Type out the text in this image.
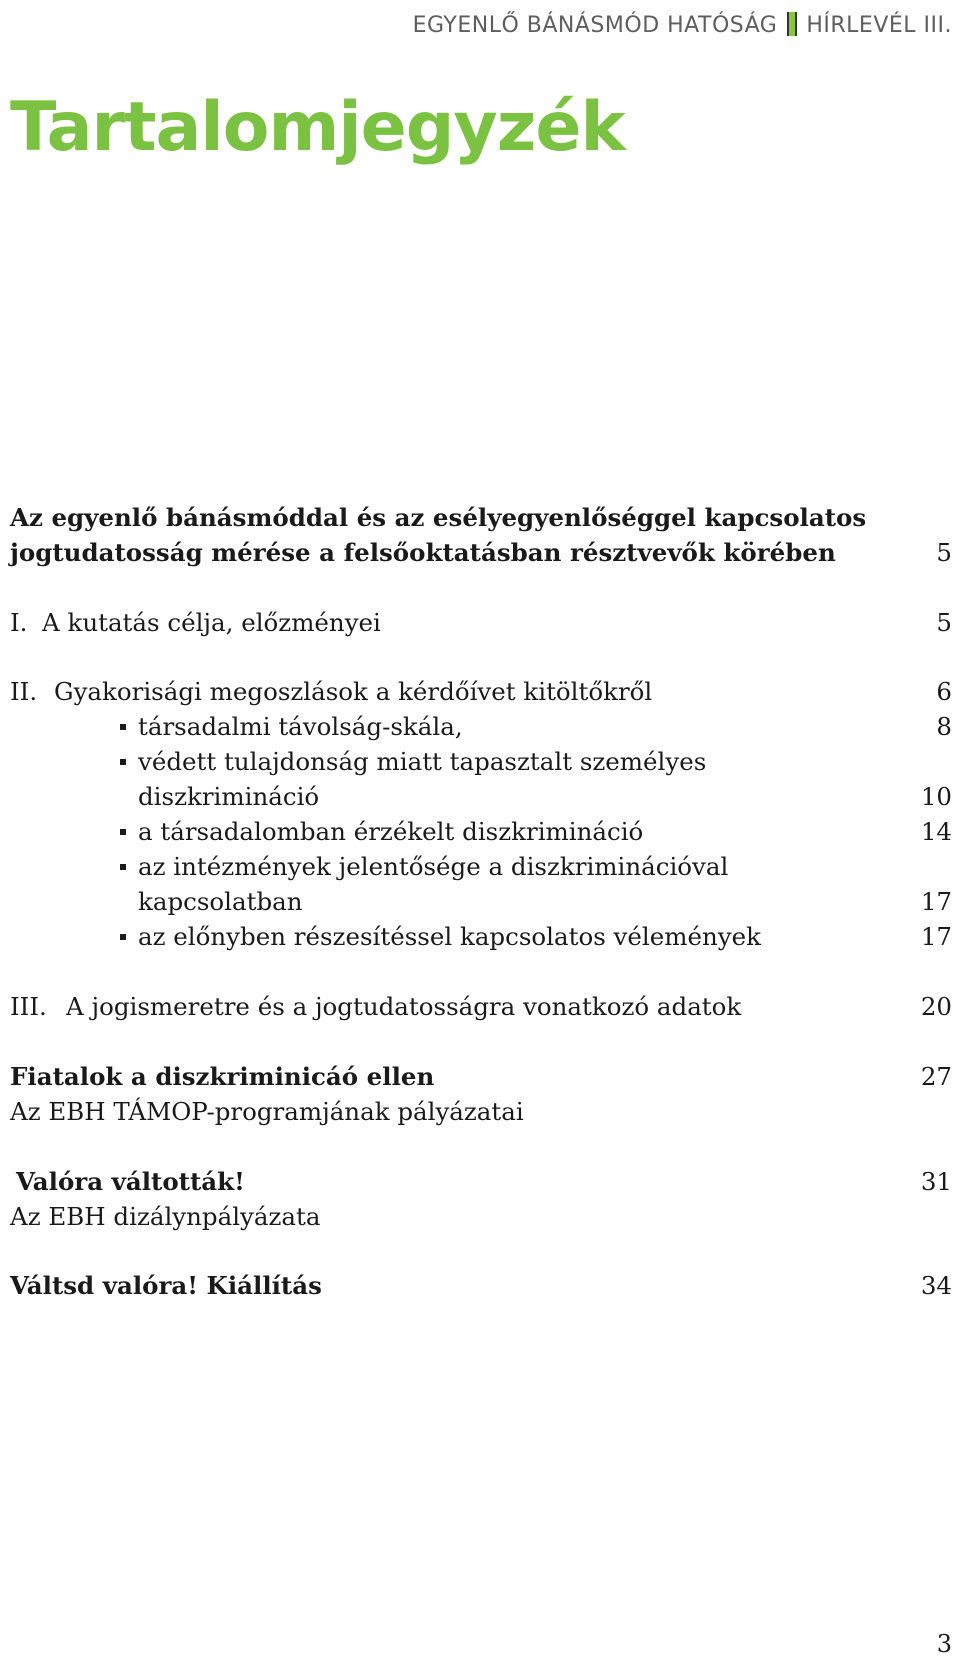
EGYENLŐ BÁNÁSMÓD HATÓSÁG HÍRLEVÉL III.
Tartalomjegyzék
Az egyenlő bánásmóddal és az esélyegyenlőséggel kapcsolatos
jogtudatosság mérése a felsőoktatásban résztvevők körében	5
I. A kutatás célja, előzményei	5
II. Gyakorisági megoszlások a kérdőívet kitöltőkről	6
társadalmi távolság-skála,	8
védett tulajdonság miatt tapasztalt személyes
diszkrimináció	10
a társadalomban érzékelt diszkrimináció	14
az intézmények jelentősége a diszkriminációval
kapcsolatban	17
az előnyben részesítéssel kapcsolatos vélemények	17
III. A jogismeretre és a jogtudatosságra vonatkozó adatok	20
Fiatalok a diszkriminicáó ellen	27
Az EBH TÁMOP-programjának pályázatai
Valóra váltották!	31
Az EBH dizálynpályázata
Váltsd valóra! Kiállítás	34
3
